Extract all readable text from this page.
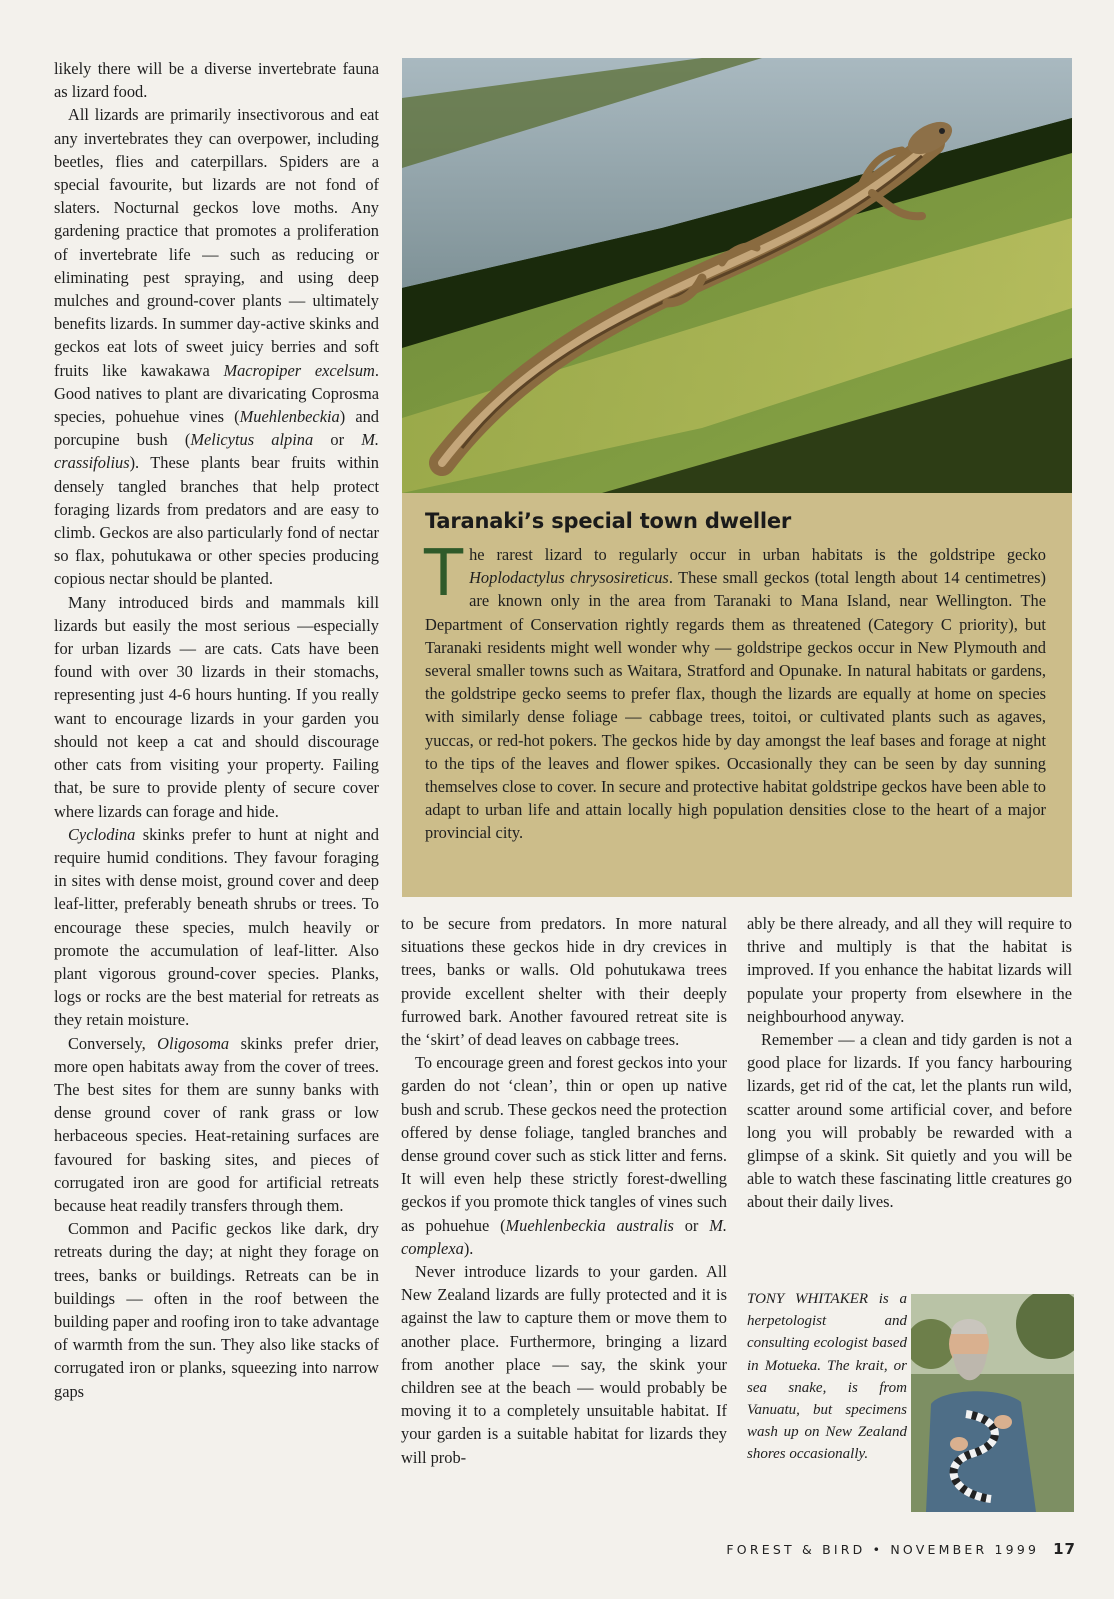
likely there will be a diverse invertebrate fauna as lizard food.

All lizards are primarily insectivorous and eat any invertebrates they can overpower, including beetles, flies and caterpillars. Spiders are a special favourite, but lizards are not fond of slaters. Nocturnal geckos love moths. Any gardening practice that promotes a proliferation of invertebrate life — such as reducing or eliminating pest spraying, and using deep mulches and ground-cover plants — ultimately benefits lizards. In summer day-active skinks and geckos eat lots of sweet juicy berries and soft fruits like kawakawa Macropiper excelsum. Good natives to plant are divaricating Coprosma species, pohuehue vines (Muehlenbeckia) and porcupine bush (Melicytus alpina or M. crassifolius). These plants bear fruits within densely tangled branches that help protect foraging lizards from predators and are easy to climb. Geckos are also particularly fond of nectar so flax, pohutukawa or other species producing copious nectar should be planted.

Many introduced birds and mammals kill lizards but easily the most serious —especially for urban lizards — are cats. Cats have been found with over 30 lizards in their stomachs, representing just 4-6 hours hunting. If you really want to encourage lizards in your garden you should not keep a cat and should discourage other cats from visiting your property. Failing that, be sure to provide plenty of secure cover where lizards can forage and hide.

Cyclodina skinks prefer to hunt at night and require humid conditions. They favour foraging in sites with dense moist, ground cover and deep leaf-litter, preferably beneath shrubs or trees. To encourage these species, mulch heavily or promote the accumulation of leaf-litter. Also plant vigorous ground-cover species. Planks, logs or rocks are the best material for retreats as they retain moisture.

Conversely, Oligosoma skinks prefer drier, more open habitats away from the cover of trees. The best sites for them are sunny banks with dense ground cover of rank grass or low herbaceous species. Heat-retaining surfaces are favoured for basking sites, and pieces of corrugated iron are good for artificial retreats because heat readily transfers through them.

Common and Pacific geckos like dark, dry retreats during the day; at night they forage on trees, banks or buildings. Retreats can be in buildings — often in the roof between the building paper and roofing iron to take advantage of warmth from the sun. They also like stacks of corrugated iron or planks, squeezing into narrow gaps

Taranaki’s special town dweller

The rarest lizard to regularly occur in urban habitats is the goldstripe gecko Hoplodactylus chrysosireticus. These small geckos (total length about 14 centimetres) are known only in the area from Taranaki to Mana Island, near Wellington. The Department of Conservation rightly regards them as threatened (Category C priority), but Taranaki residents might well wonder why — goldstripe geckos occur in New Plymouth and several smaller towns such as Waitara, Stratford and Opunake. In natural habitats or gardens, the goldstripe gecko seems to prefer flax, though the lizards are equally at home on species with similarly dense foliage — cabbage trees, toitoi, or cultivated plants such as agaves, yuccas, or red-hot pokers. The geckos hide by day amongst the leaf bases and forage at night to the tips of the leaves and flower spikes. Occasionally they can be seen by day sunning themselves close to cover. In secure and protective habitat goldstripe geckos have been able to adapt to urban life and attain locally high population densities close to the heart of a major provincial city.

to be secure from predators. In more natural situations these geckos hide in dry crevices in trees, banks or walls. Old pohutukawa trees provide excellent shelter with their deeply furrowed bark. Another favoured retreat site is the ‘skirt’ of dead leaves on cabbage trees.

To encourage green and forest geckos into your garden do not ‘clean’, thin or open up native bush and scrub. These geckos need the protection offered by dense foliage, tangled branches and dense ground cover such as stick litter and ferns. It will even help these strictly forest-dwelling geckos if you promote thick tangles of vines such as pohuehue (Muehlenbeckia australis or M. complexa).

Never introduce lizards to your garden. All New Zealand lizards are fully protected and it is against the law to capture them or move them to another place. Furthermore, bringing a lizard from another place — say, the skink your children see at the beach — would probably be moving it to a completely unsuitable habitat. If your garden is a suitable habitat for lizards they will prob-

ably be there already, and all they will require to thrive and multiply is that the habitat is improved. If you enhance the habitat lizards will populate your property from elsewhere in the neighbourhood anyway.

Remember — a clean and tidy garden is not a good place for lizards. If you fancy harbouring lizards, get rid of the cat, let the plants run wild, scatter around some artificial cover, and before long you will probably be rewarded with a glimpse of a skink. Sit quietly and you will be able to watch these fascinating little creatures go about their daily lives.

TONY WHITAKER is a herpetologist and consulting ecologist based in Motueka. The krait, or sea snake, is from Vanuatu, but specimens wash up on New Zealand shores occasionally.
FOREST & BIRD • NOVEMBER 1999 17
